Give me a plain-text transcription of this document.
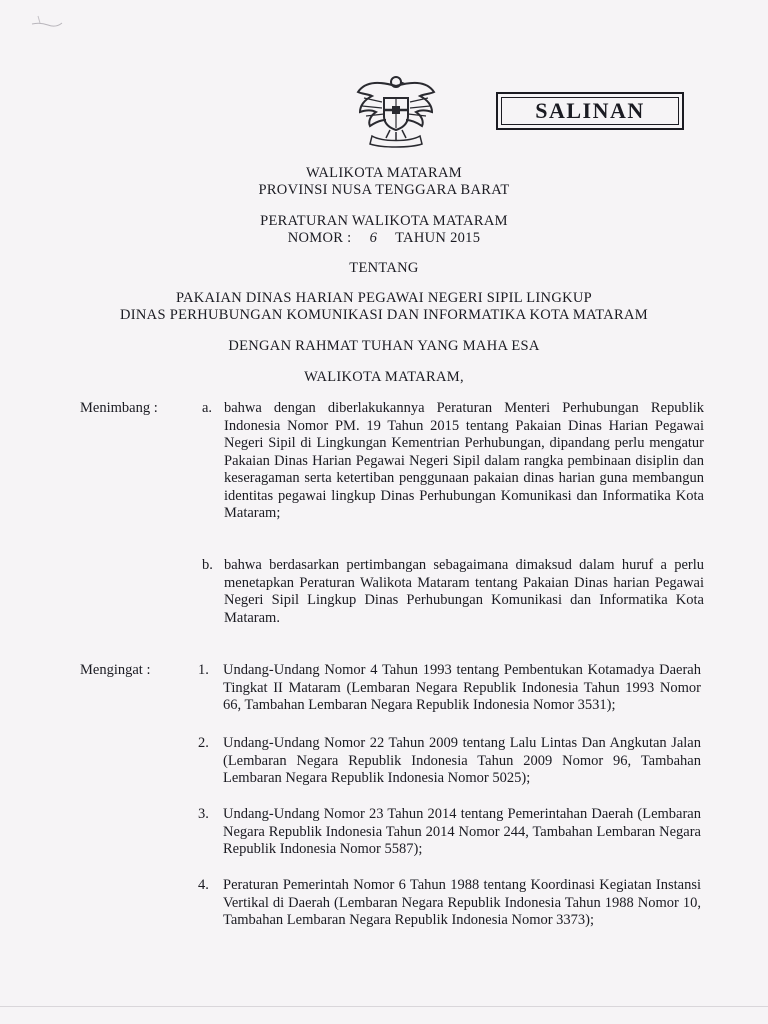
SALINAN
WALIKOTA MATARAM
PROVINSI NUSA TENGGARA BARAT
PERATURAN WALIKOTA MATARAM
NOMOR : 6 TAHUN 2015
TENTANG
PAKAIAN DINAS HARIAN PEGAWAI NEGERI SIPIL LINGKUP
DINAS PERHUBUNGAN KOMUNIKASI DAN INFORMATIKA KOTA MATARAM
DENGAN RAHMAT TUHAN YANG MAHA ESA
WALIKOTA MATARAM,
Menimbang :	a. bahwa dengan diberlakukannya Peraturan Menteri Perhubungan Republik Indonesia Nomor PM. 19 Tahun 2015 tentang Pakaian Dinas Harian Pegawai Negeri Sipil di Lingkungan Kementrian Perhubungan, dipandang perlu mengatur Pakaian Dinas Harian Pegawai Negeri Sipil dalam rangka pembinaan disiplin dan keseragaman serta ketertiban penggunaan pakaian dinas harian guna membangun identitas pegawai lingkup Dinas Perhubungan Komunikasi dan Informatika Kota Mataram;
b. bahwa berdasarkan pertimbangan sebagaimana dimaksud dalam huruf a perlu menetapkan Peraturan Walikota Mataram tentang Pakaian Dinas harian Pegawai Negeri Sipil Lingkup Dinas Perhubungan Komunikasi dan Informatika Kota Mataram.
Mengingat :	1. Undang-Undang Nomor 4 Tahun 1993 tentang Pembentukan Kotamadya Daerah Tingkat II Mataram (Lembaran Negara Republik Indonesia Tahun 1993 Nomor 66, Tambahan Lembaran Negara Republik Indonesia Nomor 3531);
2. Undang-Undang Nomor 22 Tahun 2009 tentang Lalu Lintas Dan Angkutan Jalan (Lembaran Negara Republik Indonesia Tahun 2009 Nomor 96, Tambahan Lembaran Negara Republik Indonesia Nomor 5025);
3. Undang-Undang Nomor 23 Tahun 2014 tentang Pemerintahan Daerah (Lembaran Negara Republik Indonesia Tahun 2014 Nomor 244, Tambahan Lembaran Negara Republik Indonesia Nomor 5587);
4. Peraturan Pemerintah Nomor 6 Tahun 1988 tentang Koordinasi Kegiatan Instansi Vertikal di Daerah (Lembaran Negara Republik Indonesia Tahun 1988 Nomor 10, Tambahan Lembaran Negara Republik Indonesia Nomor 3373);
